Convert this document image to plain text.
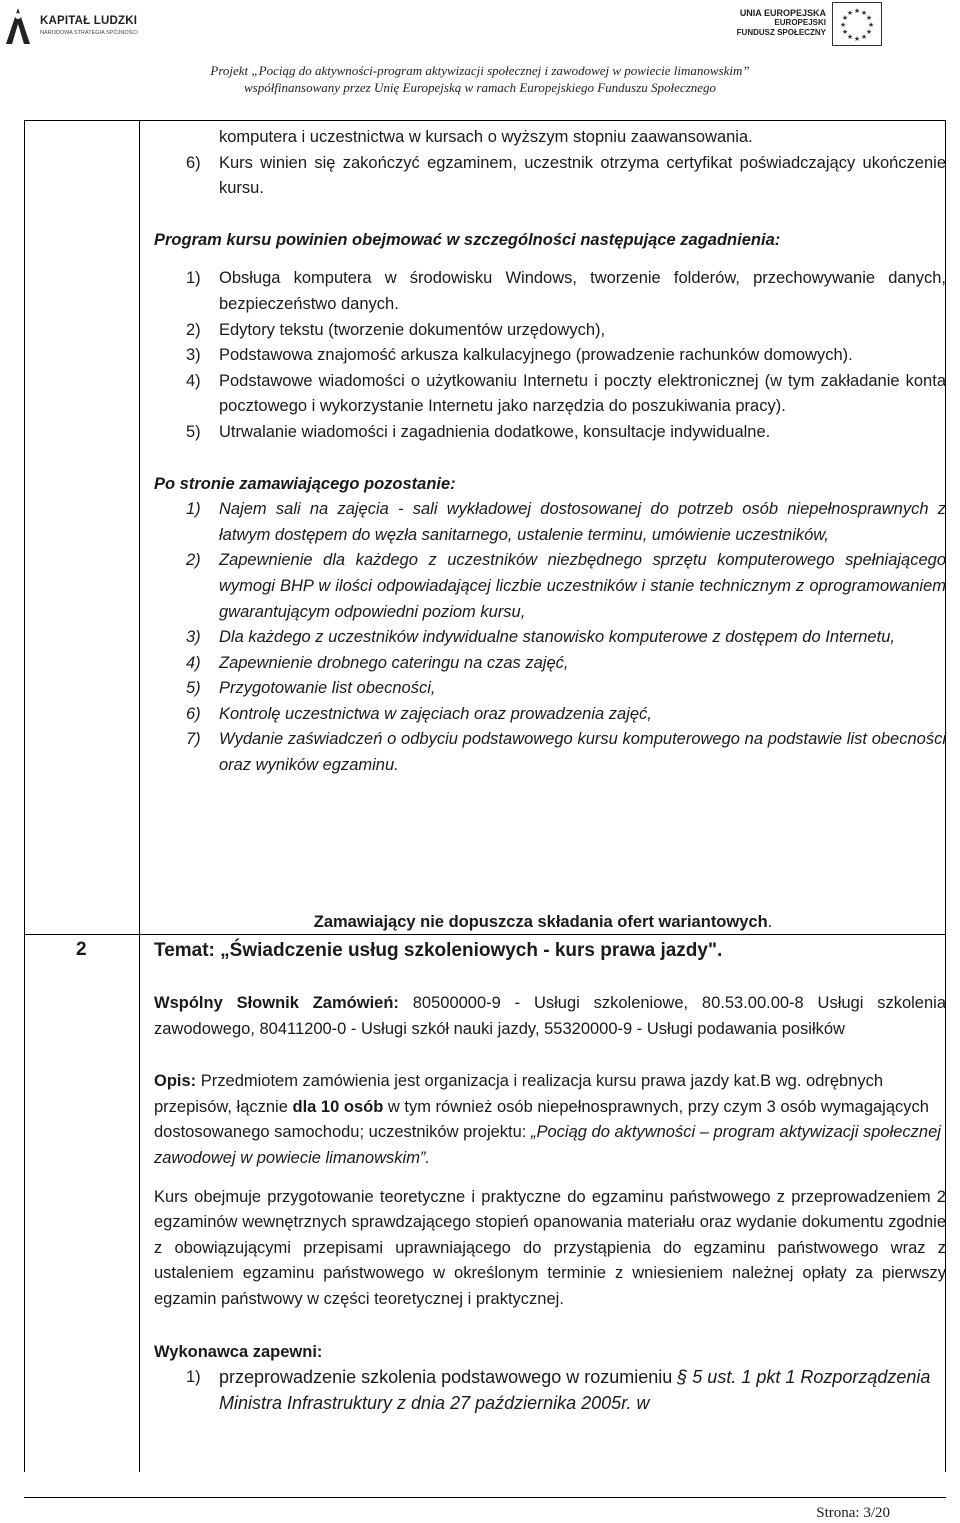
KAPITAŁ LUDZKI
NARODOWA STRATEGIA SPÓJNOŚCI
UNIA EUROPEJSKA
EUROPEJSKI
FUNDUSZ SPOŁECZNY
★ ★
★
★
★
★
★
★
★
★
★
★
Projekt „Pociąg do aktywności-program aktywizacji społecznej i zawodowej w powiecie limanowskim”
współfinansowany przez Unię Europejską w ramach Europejskiego Funduszu Społecznego
2
komputera i uczestnictwa w kursach o wyższym stopniu zaawansowania.
6) Kurs winien się zakończyć egzaminem, uczestnik otrzyma certyfikat poświadczający ukończenie kursu.

Program kursu powinien obejmować w szczególności następujące zagadnienia:

1) Obsługa komputera w środowisku Windows, tworzenie folderów, przechowywanie danych, bezpieczeństwo danych.
2) Edytory tekstu (tworzenie dokumentów urzędowych),
3) Podstawowa znajomość arkusza kalkulacyjnego (prowadzenie rachunków domowych).
4) Podstawowe wiadomości o użytkowaniu Internetu i poczty elektronicznej (w tym zakładanie konta pocztowego i wykorzystanie Internetu jako narzędzia do poszukiwania pracy).
5) Utrwalanie wiadomości i zagadnienia dodatkowe, konsultacje indywidualne.

Po stronie zamawiającego pozostanie:

1) Najem sali na zajęcia - sali wykładowej dostosowanej do potrzeb osób niepełnosprawnych z łatwym dostępem do węzła sanitarnego, ustalenie terminu, umówienie uczestników,
2) Zapewnienie dla każdego z uczestników niezbędnego sprzętu komputerowego spełniającego wymogi BHP w ilości odpowiadającej liczbie uczestników i stanie technicznym z oprogramowaniem gwarantującym odpowiedni poziom kursu,
3) Dla każdego z uczestników indywidualne stanowisko komputerowe z dostępem do Internetu,
4) Zapewnienie drobnego cateringu na czas zajęć,
5) Przygotowanie list obecności,
6) Kontrolę uczestnictwa w zajęciach oraz prowadzenia zajęć,
7) Wydanie zaświadczeń o odbyciu podstawowego kursu komputerowego na podstawie list obecności oraz wyników egzaminu.
Zamawiający nie dopuszcza składania ofert wariantowych.

Temat: „Świadczenie usług szkoleniowych - kurs prawa jazdy".

Wspólny Słownik Zamówień: 80500000-9 - Usługi szkoleniowe, 80.53.00.00-8 Usługi szkolenia zawodowego, 80411200-0 - Usługi szkół nauki jazdy, 55320000-9 - Usługi podawania posiłków

Opis: Przedmiotem zamówienia jest organizacja i realizacja kursu prawa jazdy kat.B wg. odrębnych przepisów, łącznie dla 10 osób w tym również osób niepełnosprawnych, przy czym 3 osób wymagających dostosowanego samochodu; uczestników projektu: „Pociąg do aktywności – program aktywizacji społecznej zawodowej w powiecie limanowskim”.

Kurs obejmuje przygotowanie teoretyczne i praktyczne do egzaminu państwowego z przeprowadzeniem 2 egzaminów wewnętrznych sprawdzającego stopień opanowania materiału oraz wydanie dokumentu zgodnie z obowiązującymi przepisami uprawniającego do przystąpienia do egzaminu państwowego wraz z ustaleniem egzaminu państwowego w określonym terminie z wniesieniem należnej opłaty za pierwszy egzamin państwowy w części teoretycznej i praktycznej.

Wykonawca zapewni:

1) przeprowadzenie szkolenia podstawowego w rozumieniu § 5 ust. 1 pkt 1 Rozporządzenia Ministra Infrastruktury z dnia 27 października 2005r. w
Strona: 3/20
